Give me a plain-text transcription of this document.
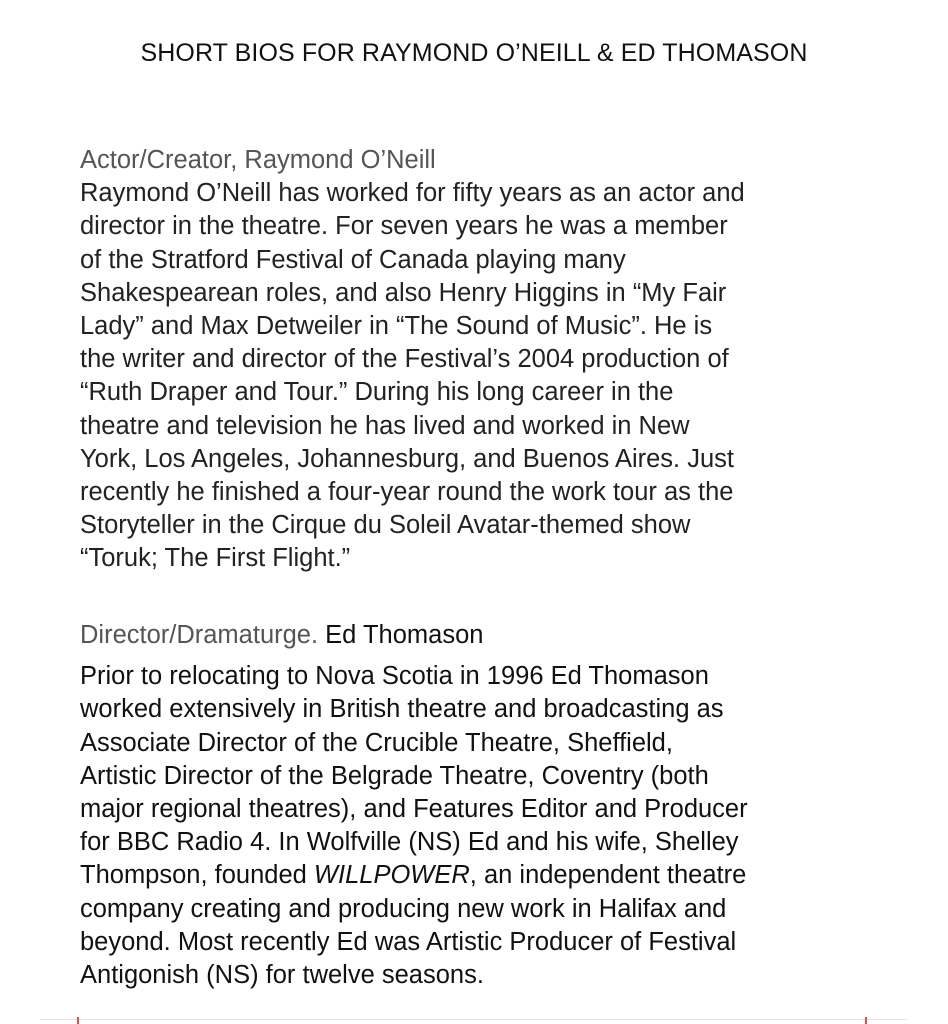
SHORT BIOS FOR RAYMOND O’NEILL & ED THOMASON
Actor/Creator, Raymond O’Neill
Raymond O’Neill has worked for fifty years as an actor and
director in the theatre. For seven years he was a member
of the Stratford Festival of Canada playing many
Shakespearean roles, and also Henry Higgins in “My Fair
Lady” and Max Detweiler in “The Sound of Music”. He is
the writer and director of the Festival’s 2004 production of
“Ruth Draper and Tour.” During his long career in the
theatre and television he has lived and worked in New
York, Los Angeles, Johannesburg, and Buenos Aires. Just
recently he finished a four-year round the work tour as the
Storyteller in the Cirque du Soleil Avatar-themed show
“Toruk; The First Flight.”
Director/Dramaturge. Ed Thomason
Prior to relocating to Nova Scotia in 1996 Ed Thomason
worked extensively in British theatre and broadcasting as
Associate Director of the Crucible Theatre, Sheffield,
Artistic Director of the Belgrade Theatre, Coventry (both
major regional theatres), and Features Editor and Producer
for BBC Radio 4. In Wolfville (NS) Ed and his wife, Shelley
Thompson, founded WILLPOWER, an independent theatre
company creating and producing new work in Halifax and
beyond. Most recently Ed was Artistic Producer of Festival
Antigonish (NS) for twelve seasons.
